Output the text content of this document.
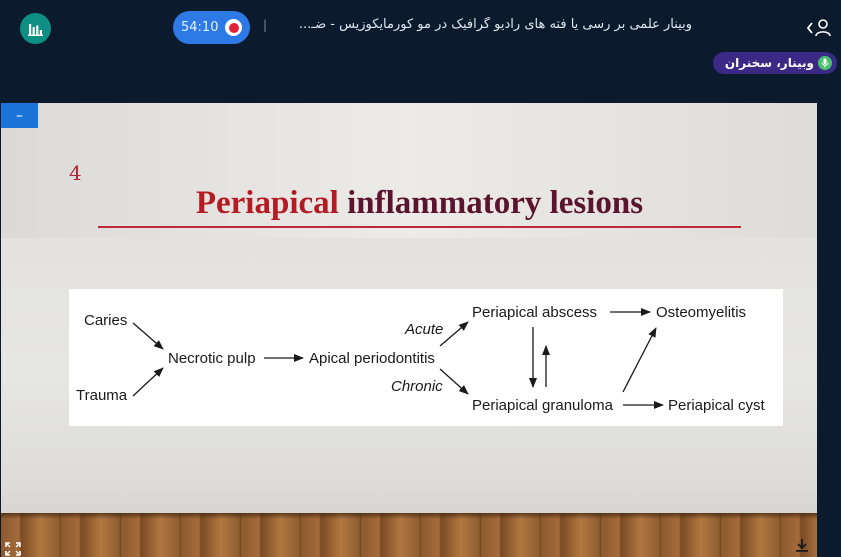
54:10	|	وبینار علمی بر رسی یا فته های رادیو گرافیک در مو کورمایکوزیس - ضـ...
وبینار، سخنران
–
4
Periapical inflammatory lesions
Caries
Trauma
Necrotic pulp	Apical periodontitis
Acute
Chronic
Periapical abscess	Osteomyelitis
Periapical granuloma	Periapical cyst
